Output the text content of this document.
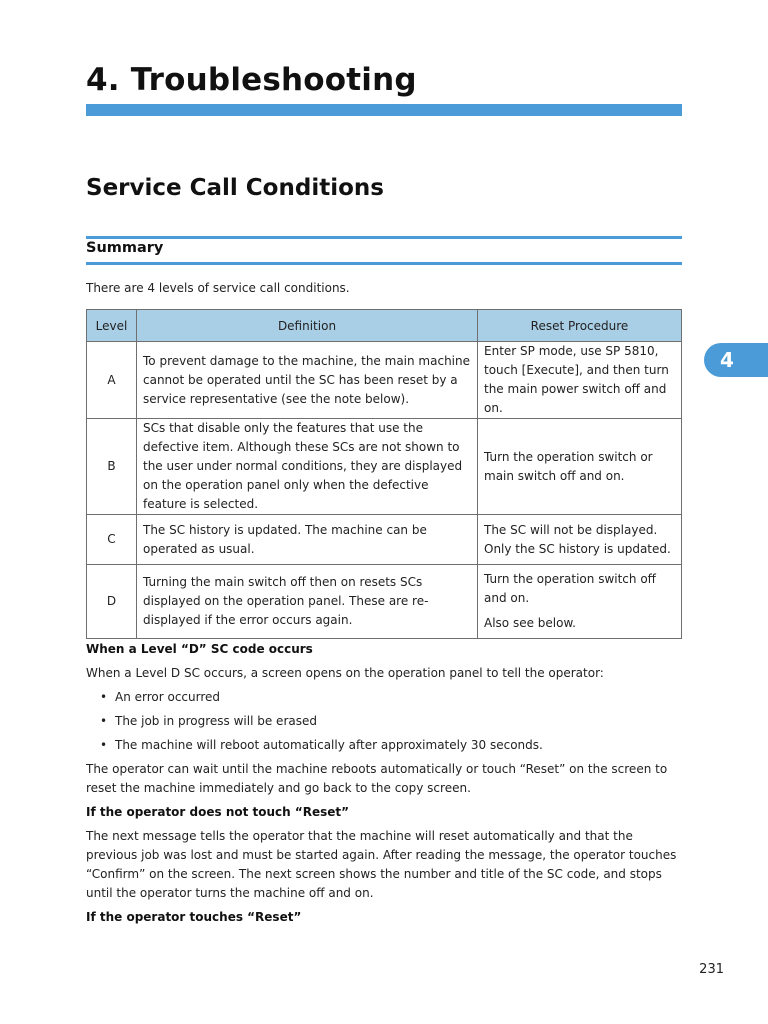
4. Troubleshooting
Service Call Conditions
Summary
There are 4 levels of service call conditions.
Level	Definition	Reset Procedure
A	To prevent damage to the machine, the main machine cannot be operated until the SC has been reset by a service representative (see the note below).	Enter SP mode, use SP 5810, touch [Execute], and then turn the main power switch off and on.

B	SCs that disable only the features that use the defective item. Although these SCs are not shown to the user under normal conditions, they are displayed on the operation panel only when the defective feature is selected.	Turn the operation switch or main switch off and on.

C	The SC history is updated. The machine can be operated as usual.	The SC will not be displayed. Only the SC history is updated.

D	Turning the main switch off then on resets SCs displayed on the operation panel. These are re-displayed if the error occurs again.	Turn the operation switch off and on.

Also see below.

When a Level “D” SC code occurs

When a Level D SC occurs, a screen opens on the operation panel to tell the operator:

• An error occurred
• The job in progress will be erased
• The machine will reboot automatically after approximately 30 seconds.

The operator can wait until the machine reboots automatically or touch “Reset” on the screen to reset the machine immediately and go back to the copy screen.

If the operator does not touch “Reset”

The next message tells the operator that the machine will reset automatically and that the previous job was lost and must be started again. After reading the message, the operator touches “Confirm” on the screen. The next screen shows the number and title of the SC code, and stops until the operator turns the machine off and on.

If the operator touches “Reset”

4
231
